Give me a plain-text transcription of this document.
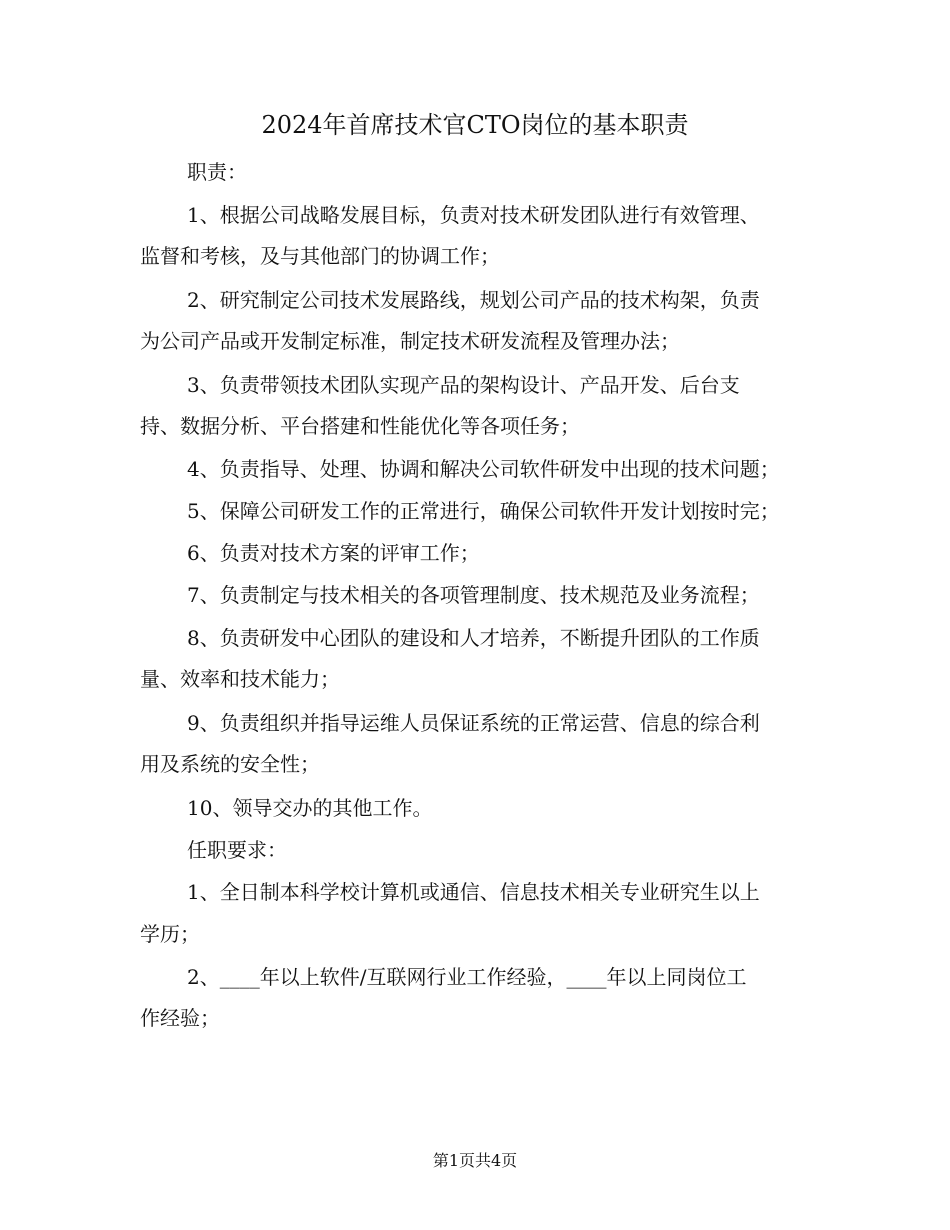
2024年首席技术官CTO岗位的基本职责
职责：
1、根据公司战略发展目标，负责对技术研发团队进行有效管理、
监督和考核，及与其他部门的协调工作；
2、研究制定公司技术发展路线，规划公司产品的技术构架，负责
为公司产品或开发制定标准，制定技术研发流程及管理办法；
3、负责带领技术团队实现产品的架构设计、产品开发、后台支
持、数据分析、平台搭建和性能优化等各项任务；
4、负责指导、处理、协调和解决公司软件研发中出现的技术问题；
5、保障公司研发工作的正常进行，确保公司软件开发计划按时完；
6、负责对技术方案的评审工作；
7、负责制定与技术相关的各项管理制度、技术规范及业务流程；
8、负责研发中心团队的建设和人才培养，不断提升团队的工作质
量、效率和技术能力；
9、负责组织并指导运维人员保证系统的正常运营、信息的综合利
用及系统的安全性；
10、领导交办的其他工作。
任职要求：
1、全日制本科学校计算机或通信、信息技术相关专业研究生以上
学历；
2、____年以上软件/互联网行业工作经验，____年以上同岗位工
作经验；
第1页共4页
